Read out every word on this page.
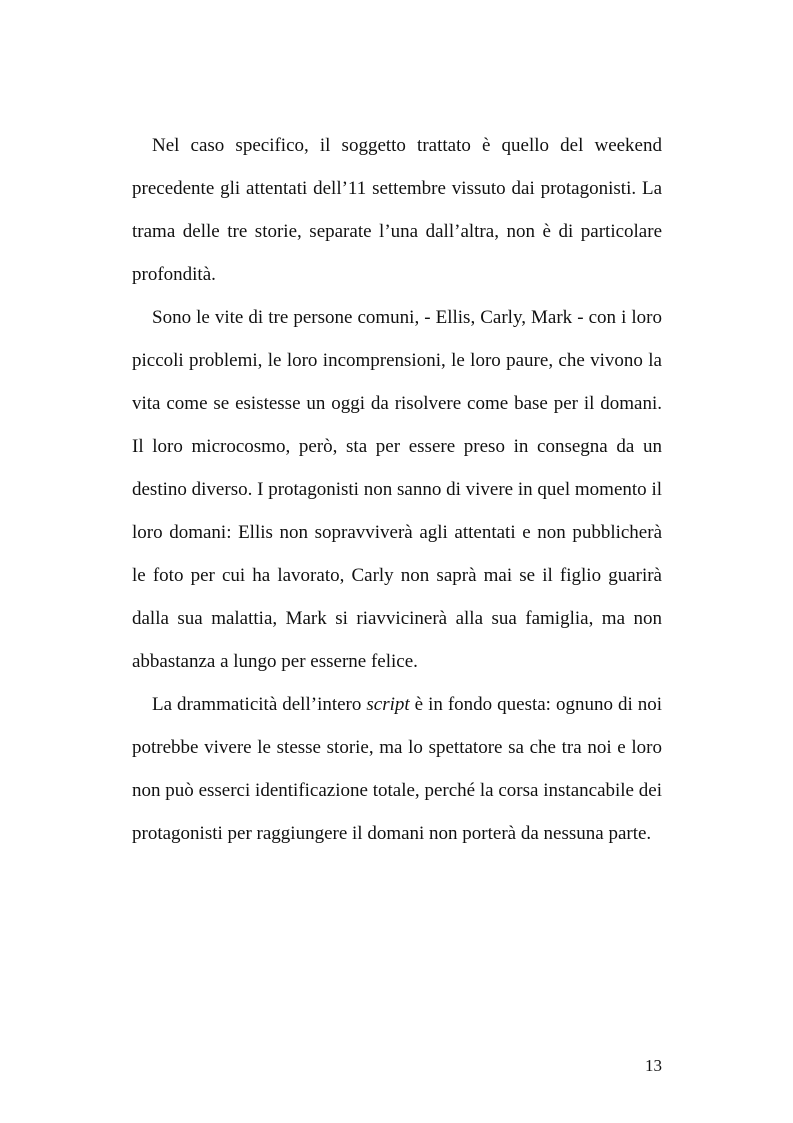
Nel caso specifico, il soggetto trattato è quello del weekend precedente gli attentati dell’11 settembre vissuto dai protagonisti. La trama delle tre storie, separate l’una dall’altra, non è di particolare profondità.

Sono le vite di tre persone comuni, - Ellis, Carly, Mark - con i loro piccoli problemi, le loro incomprensioni, le loro paure, che vivono la vita come se esistesse un oggi da risolvere come base per il domani. Il loro microcosmo, però, sta per essere preso in consegna da un destino diverso. I protagonisti non sanno di vivere in quel momento il loro domani: Ellis non sopravviverà agli attentati e non pubblicherà le foto per cui ha lavorato, Carly non saprà mai se il figlio guarirà dalla sua malattia, Mark si riavvicinerà alla sua famiglia, ma non abbastanza a lungo per esserne felice.

La drammaticità dell’intero script è in fondo questa: ognuno di noi potrebbe vivere le stesse storie, ma lo spettatore sa che tra noi e loro non può esserci identificazione totale, perché la corsa instancabile dei protagonisti per raggiungere il domani non porterà da nessuna parte.

13
